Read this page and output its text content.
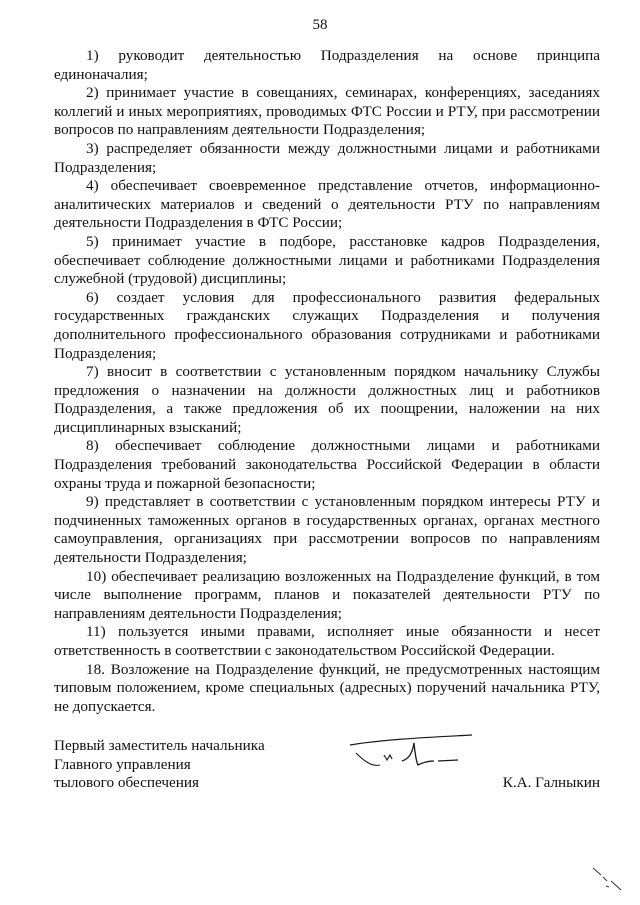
58

1) руководит деятельностью Подразделения на основе принципа единоначалия;

2) принимает участие в совещаниях, семинарах, конференциях, заседаниях коллегий и иных мероприятиях, проводимых ФТС России и РТУ, при рассмотрении вопросов по направлениям деятельности Подразделения;

3) распределяет обязанности между должностными лицами и работниками Подразделения;

4) обеспечивает своевременное представление отчетов, информационно-аналитических материалов и сведений о деятельности РТУ по направлениям деятельности Подразделения в ФТС России;

5) принимает участие в подборе, расстановке кадров Подразделения, обеспечивает соблюдение должностными лицами и работниками Подразделения служебной (трудовой) дисциплины;

6) создает условия для профессионального развития федеральных государственных гражданских служащих Подразделения и получения дополнительного профессионального образования сотрудниками и работниками Подразделения;

7) вносит в соответствии с установленным порядком начальнику Службы предложения о назначении на должности должностных лиц и работников Подразделения, а также предложения об их поощрении, наложении на них дисциплинарных взысканий;

8) обеспечивает соблюдение должностными лицами и работниками Подразделения требований законодательства Российской Федерации в области охраны труда и пожарной безопасности;

9) представляет в соответствии с установленным порядком интересы РТУ и подчиненных таможенных органов в государственных органах, органах местного самоуправления, организациях при рассмотрении вопросов по направлениям деятельности Подразделения;

10) обеспечивает реализацию возложенных на Подразделение функций, в том числе выполнение программ, планов и показателей деятельности РТУ по направлениям деятельности Подразделения;

11) пользуется иными правами, исполняет иные обязанности и несет ответственность в соответствии с законодательством Российской Федерации.

18. Возложение на Подразделение функций, не предусмотренных настоящим типовым положением, кроме специальных (адресных) поручений начальника РТУ, не допускается.

Первый заместитель начальника
Главного управления
тылового обеспечения	К.А. Галныкин
